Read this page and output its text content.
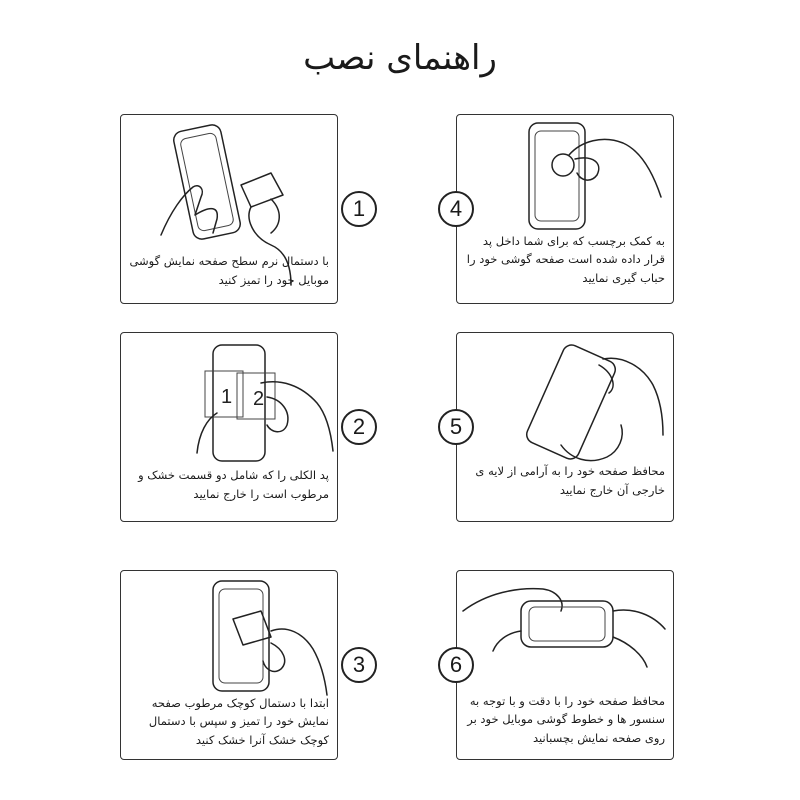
راهنمای نصب
با دستمال نرم سطح صفحه نمایش گوشی موبایل خود را تمیز کنید
1
1 2
پد الکلی را که شامل دو قسمت خشک و مرطوب است را خارج نمایید
2
ابتدا با دستمال کوچک مرطوب صفحه نمایش خود را تمیز و سپس با دستمال کوچک خشک آنرا خشک کنید
3
به کمک برچسب که برای شما داخل پد قرار داده شده است صفحه گوشی خود را حباب گیری نمایید
4
محافظ صفحه خود را به آرامی از لایه ی خارجی آن خارج نمایید
5
محافظ صفحه خود را با دقت و با توجه به سنسور ها و خطوط گوشی موبایل خود بر روی صفحه نمایش بچسبانید
6
